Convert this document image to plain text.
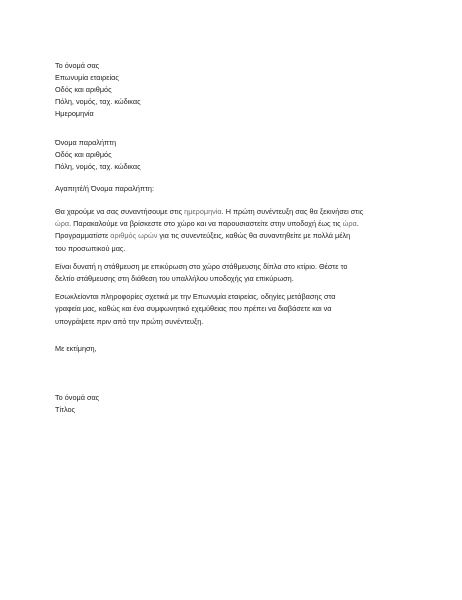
Το όνομά σας
Επωνυμία εταιρείας
Οδός και αριθμός
Πόλη, νομός, ταχ. κώδικας
Ημερομηνία
Όνομα παραλήπτη
Οδός και αριθμός
Πόλη, νομός, ταχ. κώδικας
Αγαπητέ/ή Όνομα παραλήπτη:

Θα χαρούμε να σας συναντήσουμε στις ημερομηνία. Η πρώτη συνέντευξη σας θα ξεκινήσει στις
ώρα. Παρακαλούμε να βρίσκεστε στο χώρο και να παρουσιαστείτε στην υποδοχή έως τις ώρα.
Προγραμματίστε αριθμός ωρών για τις συνεντεύξεις, καθώς θα συναντηθείτε με πολλά μέλη
του προσωπικού μας.

Είναι δυνατή η στάθμευση με επικύρωση στο χώρο στάθμευσης δίπλα στο κτίριο. Θέστε το
δελτίο στάθμευσης στη διάθεση του υπαλλήλου υποδοχής για επικύρωση.

Εσωκλείονται πληροφορίες σχετικά με την Επωνυμία εταιρείας, οδηγίες μετάβασης στα
γραφεία μας, καθώς και ένα συμφωνητικό εχεμύθειας που πρέπει να διαβάσετε και να
υπογράψετε πριν από την πρώτη συνέντευξη.

Με εκτίμηση,
Το όνομά σας
Τίτλος
